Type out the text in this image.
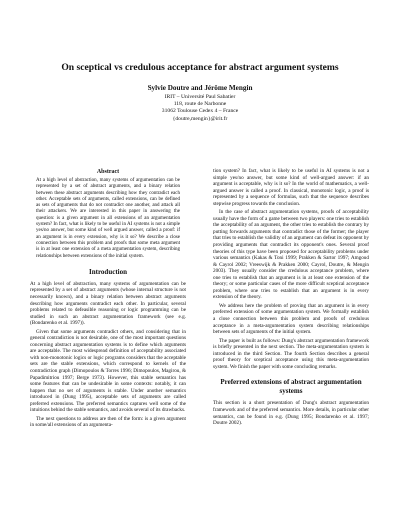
On sceptical vs credulous acceptance for abstract argument systems
Sylvie Doutre and Jérôme Mengin
IRIT – Université Paul Sabatier
118, route de Narbonne
31062 Toulouse Cedex 4 – France
{doutre,mengin}@irit.fr
Abstract

At a high level of abstraction, many systems of argumentation can be represented by a set of abstract arguments, and a binary relation between these abstract arguments describing how they contradict each other. Acceptable sets of arguments, called extensions, can be defined as sets of arguments that do not contradict one another, and attack all their attackers. We are interested in this paper in answering the question: is a given argument in all extensions of an argumentation system? In fact, what is likely to be useful in AI systems is not a simple yes/no answer, but some kind of well argued answer, called a proof: if an argument is in every extension, why is it so? We describe a close connection between this problem and proofs that some meta argument is in at least one extension of a meta argumentation system, describing relationships between extensions of the initial system.

Introduction

At a high level of abstraction, many systems of argumentation can be represented by a set of abstract arguments (whose internal structure is not necessarily known), and a binary relation between abstract arguments describing how arguments contradict each other. In particular, several problems related to defeasible reasoning or logic programming can be studied in such an abstract argumentation framework (see e.g. (Bondarenko et al. 1997)).

Given that some arguments contradict others, and considering that in general contradiction is not desirable, one of the most important questions concerning abstract argumentation systems is to define which arguments are acceptable. The most widespread definition of acceptability associated with non-monotonic logics or logic programs considers that the acceptable sets are the stable extensions, which correspond to kernels of the contradiction graph (Dimopoulos & Torres 1996; Dimopoulos, Magirou, & Papadimitriou 1997; Berge 1973). However, this stable semantics has some features that can be undesirable in some contexts: notably, it can happen that no set of arguments is stable. Under another semantics introduced in (Dung 1995), acceptable sets of arguments are called preferred extensions. The preferred semantics captures well some of the intuitions behind the stable semantics, and avoids several of its drawbacks.

The next questions to address are then of the form: is a given argument in some/all extensions of an argumenta-

tion system? In fact, what is likely to be useful in AI systems is not a simple yes/no answer, but some kind of well-argued answer: if an argument is acceptable, why is it so? In the world of mathematics, a well-argued answer is called a proof. In classical, monotonic logic, a proof is represented by a sequence of formulas, such that the sequence describes stepwise progress towards the conclusion.

In the case of abstract argumentation systems, proofs of acceptability usually have the form of a game between two players: one tries to establish the acceptability of an argument, the other tries to establish the contrary by putting forwards arguments that contradict those of the former; the player that tries to establish the validity of an argument can defeat its opponent by providing arguments that contradict its opponent's ones. Several proof theories of this type have been proposed for acceptability problems under various semantics (Kakas & Toni 1999; Prakken & Sartor 1997; Amgoud & Cayrol 2002; Vreeswijk & Prakken 2000; Cayrol, Doutre, & Mengin 2003). They usually consider the credulous acceptance problem, where one tries to establish that an argument is in at least one extension of the theory; or some particular cases of the more difficult sceptical acceptance problem, where one tries to establish that an argument is in every extension of the theory.

We address here the problem of proving that an argument is in every preferred extension of some argumentation system. We formally establish a close connection between this problem and proofs of credulous acceptance in a meta-argumentation system describing relationships between sets of arguments of the initial system.

The paper is built as follows: Dung's abstract argumentation framework is briefly presented in the next section. The meta-argumentation system is introduced in the third Section. The fourth Section describes a general proof theory for sceptical acceptance using this meta-argumentation system. We finish the paper with some concluding remarks.

Preferred extensions of abstract argumentation systems

This section is a short presentation of Dung's abstract argumentation framework and of the preferred semantics. More details, in particular other semantics, can be found in e.g. (Dung 1995; Bondarenko et al. 1997; Doutre 2002).
